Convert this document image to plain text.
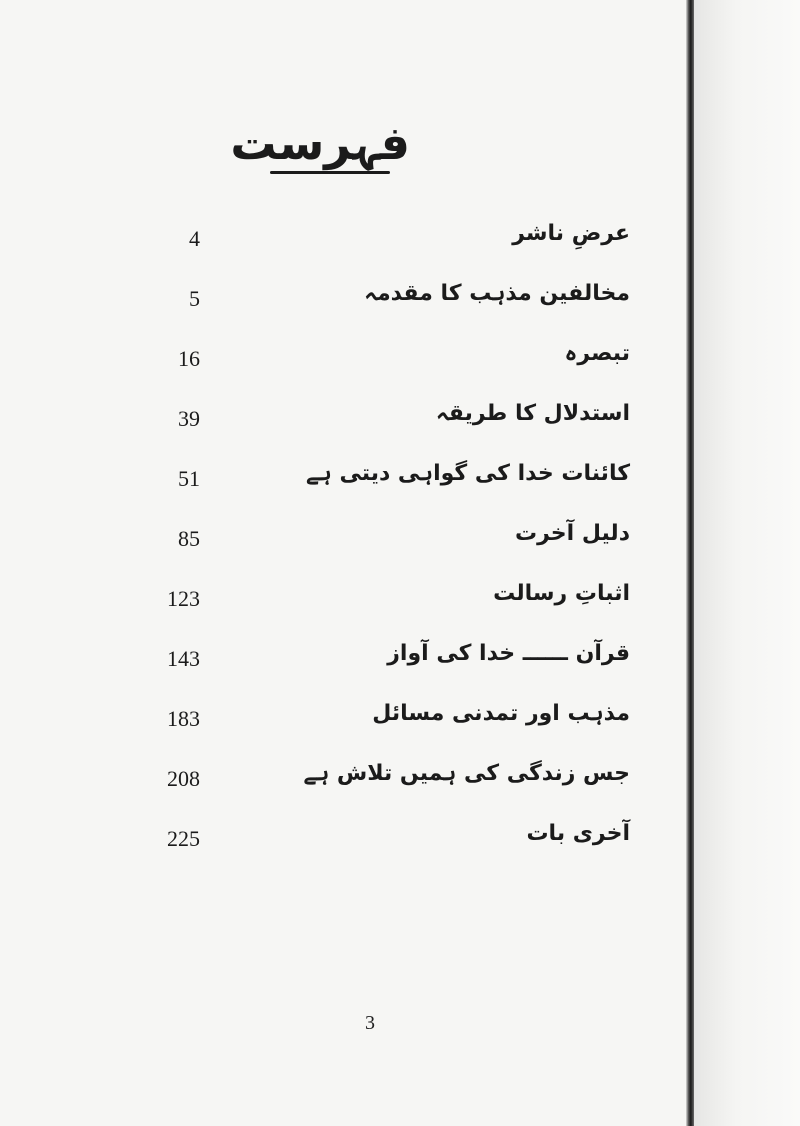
فہرست
4	عرضِ ناشر
5	مخالفین مذہب کا مقدمہ
16	تبصرہ
39	استدلال کا طریقہ
51	کائنات خدا کی گواہی دیتی ہے
85	دلیل آخرت
123	اثباتِ رسالت
143	قرآن ــــــ خدا کی آواز
183	مذہب اور تمدنی مسائل
208	جس زندگی کی ہمیں تلاش ہے
225	آخری بات
3
